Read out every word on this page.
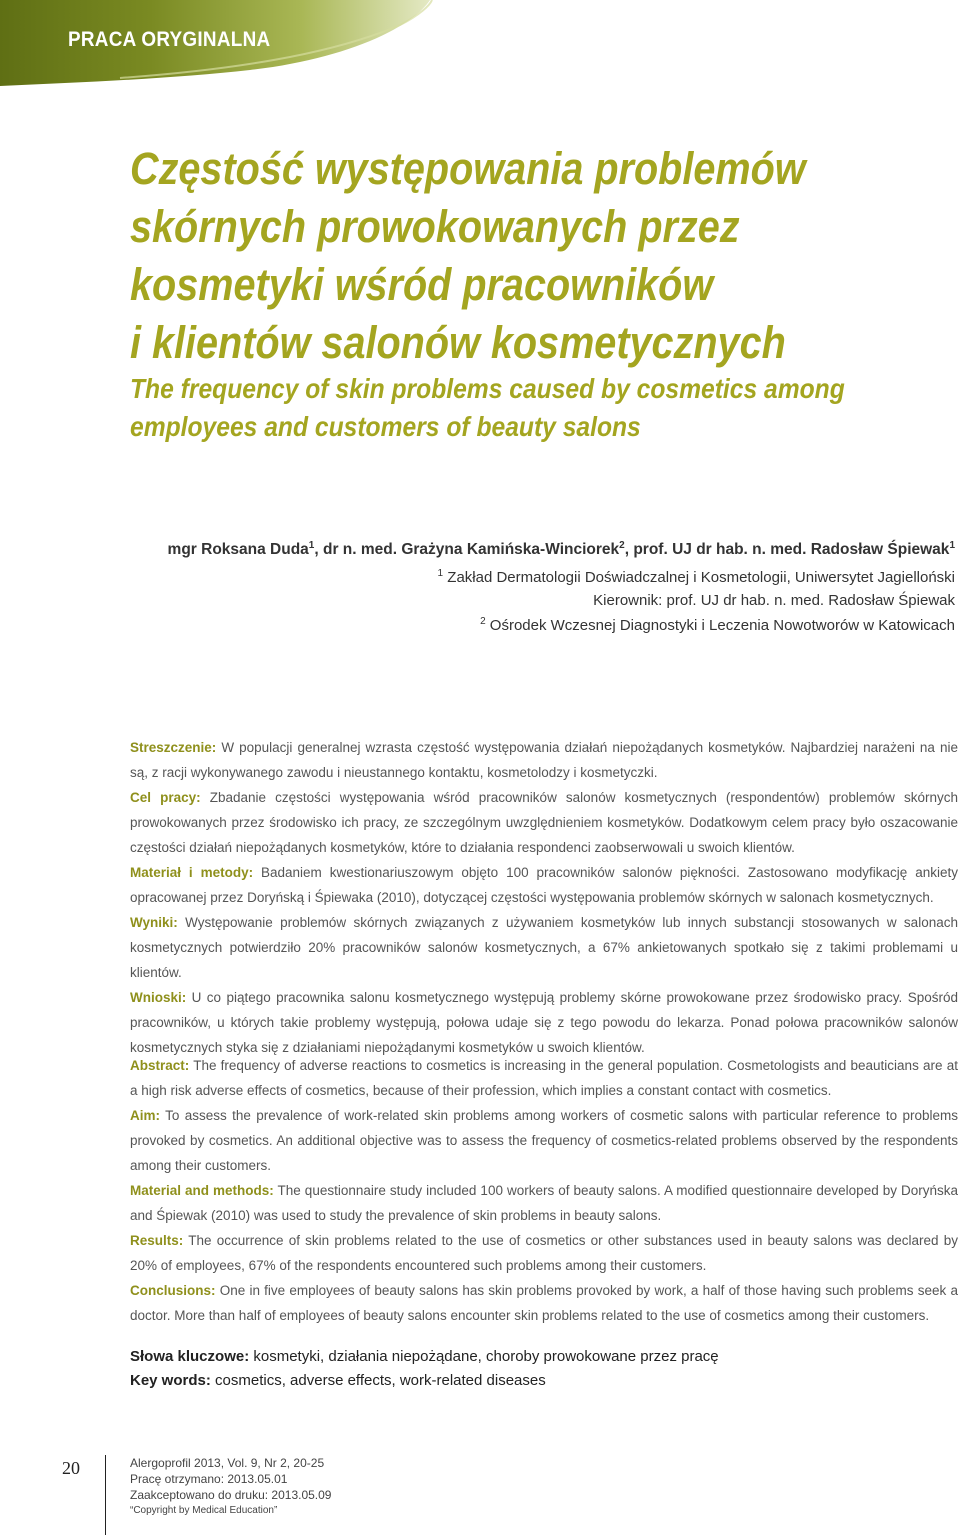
PRACA ORYGINALNA
Częstość występowania problemów
skórnych prowokowanych przez
kosmetyki wśród pracowników
i klientów salonów kosmetycznych
The frequency of skin problems caused by cosmetics among
employees and customers of beauty salons
mgr Roksana Duda$^1$, dr n. med. Grażyna Kamińska-Winciorek$^2$, prof. UJ dr hab. n. med. Radosław Śpiewak$^1$
$^1$ Zakład Dermatologii Doświadczalnej i Kosmetologii, Uniwersytet Jagielloński
Kierownik: prof. UJ dr hab. n. med. Radosław Śpiewak
$^2$ Ośrodek Wczesnej Diagnostyki i Leczenia Nowotworów w Katowicach

Streszczenie: W populacji generalnej wzrasta częstość występowania działań niepożądanych kosmetyków. Najbardziej narażeni na nie są, z racji wykonywanego zawodu i nieustannego kontaktu, kosmetolodzy i kosmetyczki.

Cel pracy: Zbadanie częstości występowania wśród pracowników salonów kosmetycznych (respondentów) problemów skórnych prowokowanych przez środowisko ich pracy, ze szczególnym uwzględnieniem kosmetyków. Dodatkowym celem pracy było oszacowanie częstości działań niepożądanych kosmetyków, które to działania respondenci zaobserwowali u swoich klientów.

Materiał i metody: Badaniem kwestionariuszowym objęto 100 pracowników salonów piękności. Zastosowano modyfikację ankiety opracowanej przez Doryńską i Śpiewaka (2010), dotyczącej częstości występowania problemów skórnych w salonach kosmetycznych.

Wyniki: Występowanie problemów skórnych związanych z używaniem kosmetyków lub innych substancji stosowanych w salonach kosmetycznych potwierdziło 20% pracowników salonów kosmetycznych, a 67% ankietowanych spotkało się z takimi problemami u klientów.

Wnioski: U co piątego pracownika salonu kosmetycznego występują problemy skórne prowokowane przez środowisko pracy. Spośród pracowników, u których takie problemy występują, połowa udaje się z tego powodu do lekarza. Ponad połowa pracowników salonów kosmetycznych styka się z działaniami niepożądanymi kosmetyków u swoich klientów.

Abstract: The frequency of adverse reactions to cosmetics is increasing in the general population. Cosmetologists and beauticians are at a high risk adverse effects of cosmetics, because of their profession, which implies a constant contact with cosmetics.

Aim: To assess the prevalence of work-related skin problems among workers of cosmetic salons with particular reference to problems provoked by cosmetics. An additional objective was to assess the frequency of cosmetics-related problems observed by the respondents among their customers.

Material and methods: The questionnaire study included 100 workers of beauty salons. A modified questionnaire developed by Doryńska and Śpiewak (2010) was used to study the prevalence of skin problems in beauty salons.

Results: The occurrence of skin problems related to the use of cosmetics or other substances used in beauty salons was declared by 20% of employees, 67% of the respondents encountered such problems among their customers.

Conclusions: One in five employees of beauty salons has skin problems provoked by work, a half of those having such problems seek a doctor. More than half of employees of beauty salons encounter skin problems related to the use of cosmetics among their customers.

Słowa kluczowe: kosmetyki, działania niepożądane, choroby prowokowane przez pracę
Key words: cosmetics, adverse effects, work-related diseases
20	Alergoprofil 2013, Vol. 9, Nr 2, 20-25
Pracę otrzymano: 2013.05.01
Zaakceptowano do druku: 2013.05.09
“Copyright by Medical Education”
